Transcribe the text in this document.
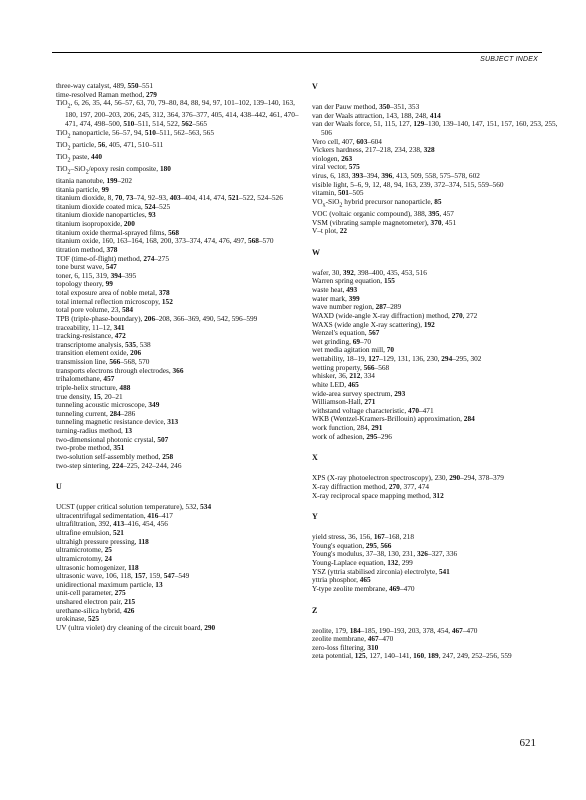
SUBJECT INDEX
three-way catalyst, 489, 550–551
time-resolved Raman method, 279
TiO$_2$, 6, 26, 35, 44, 56–57, 63, 70, 79–80, 84, 88, 94, 97, 101–102, 139–140, 163, 180, 197, 200–203, 206, 245, 312, 364, 376–377, 405, 414, 438–442, 461, 470–471, 474, 498–500, 510–511, 514, 522, 562–565
TiO$_2$ nanoparticle, 56–57, 94, 510–511, 562–563, 565
TiO$_2$ particle, 56, 405, 471, 510–511
TiO$_2$ paste, 440
TiO$_2$–SiO$_2$/epoxy resin composite, 180
titania nanotube, 199–202
titania particle, 99
titanium dioxide, 8, 70, 73–74, 92–93, 403–404, 414, 474, 521–522, 524–526
titanium dioxide coated mica, 524–525
titanium dioxide nanoparticles, 93
titanium isopropoxide, 200
titanium oxide thermal-sprayed films, 568
titanium oxide, 160, 163–164, 168, 200, 373–374, 474, 476, 497, 568–570
titration method, 378
TOF (time-of-flight) method, 274–275
tone burst wave, 547
toner, 6, 115, 319, 394–395
topology theory, 99
total exposure area of noble metal, 378
total internal reflection microscopy, 152
total pore volume, 23, 584
TPB (triple-phase-boundary), 206–208, 366–369, 490, 542, 596–599
traceability, 11–12, 341
tracking-resistance, 472
transcriptome analysis, 535, 538
transition element oxide, 206
transmission line, 566–568, 570
transports electrons through electrodes, 366
trihalomethane, 457
triple-helix structure, 488
true density, 15, 20–21
tunneling acoustic microscope, 349
tunneling current, 284–286
tunneling magnetic resistance device, 313
turning-radius method, 13
two-dimensional photonic crystal, 507
two-probe method, 351
two-solution self-assembly method, 258
two-step sintering, 224–225, 242–244, 246
U
UCST (upper critical solution temperature), 532, 534
ultracentrifugal sedimentation, 416–417
ultrafiltration, 392, 413–416, 454, 456
ultrafine emulsion, 521
ultrahigh pressure pressing, 118
ultramicrotome, 25
ultramicrotomy, 24
ultrasonic homogenizer, 118
ultrasonic wave, 106, 118, 157, 159, 547–549
unidirectional maximum particle, 13
unit-cell parameter, 275
unshared electron pair, 215
urethane-silica hybrid, 426
urokinase, 525
UV (ultra violet) dry cleaning of the circuit board, 290
V
van der Pauw method, 350–351, 353
van der Waals attraction, 143, 188, 248, 414
van der Waals force, 51, 115, 127, 129–130, 139–140, 147, 151, 157, 160, 253, 255, 506
Vero cell, 407, 603–604
Vickers hardness, 217–218, 234, 238, 328
viologen, 263
viral vector, 575
virus, 6, 183, 393–394, 396, 413, 509, 558, 575–578, 602
visible light, 5–6, 9, 12, 48, 94, 163, 239, 372–374, 515, 559–560
vitamin, 501–505
$VO_x-SiO_2$ hybrid precursor nanoparticle, 85
VOC (voltaic organic compound), 388, 395, 457
VSM (vibrating sample magnetometer), 370, 451
V–t plot, 22
W
wafer, 30, 392, 398–400, 435, 453, 516
Warren spring equation, 155
waste heat, 493
water mark, 399
wave number region, 287–289
WAXD (wide-angle X-ray diffraction) method, 270, 272
WAXS (wide angle X-ray scattering), 192
Wenzel's equation, 567
wet grinding, 69–70
wet media agitation mill, 70
wettability, 18–19, 127–129, 131, 136, 230, 294–295, 302
wetting property, 566–568
whisker, 36, 212, 334
white LED, 465
wide-area survey spectrum, 293
Williamson-Hall, 271
withstand voltage characteristic, 470–471
WKB (Wentzel-Kramers-Brillouin) approximation, 284
work function, 284, 291
work of adhesion, 295–296
X
XPS (X-ray photoelectron spectroscopy), 230, 290–294, 378–379
X-ray diffraction method, 270, 377, 474
X-ray reciprocal space mapping method, 312
Y
yield stress, 36, 156, 167–168, 218
Young's equation, 295, 566
Young's modulus, 37–38, 130, 231, 326–327, 336
Young-Laplace equation, 132, 299
YSZ (yttria stabilised zirconia) electrolyte, 541
yttria phosphor, 465
Y-type zeolite membrane, 469–470
Z
zeolite, 179, 184–185, 190–193, 203, 378, 454, 467–470
zeolite membrane, 467–470
zero-loss filtering, 310
zeta potential, 125, 127, 140–141, 160, 189, 247, 249, 252–256, 559
621
